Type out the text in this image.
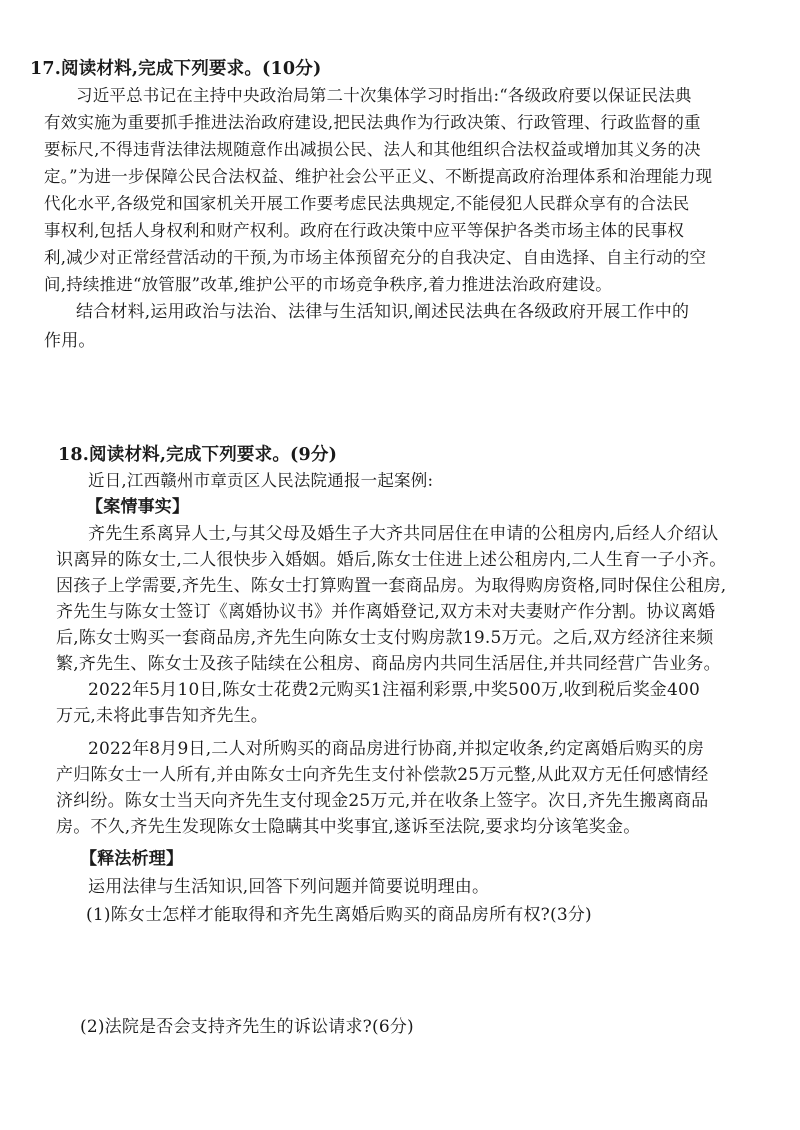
17.阅读材料,完成下列要求。(10分)
习近平总书记在主持中央政治局第二十次集体学习时指出:“各级政府要以保证民法典
有效实施为重要抓手推进法治政府建设,把民法典作为行政决策、行政管理、行政监督的重
要标尺,不得违背法律法规随意作出减损公民、法人和其他组织合法权益或增加其义务的决
定。”为进一步保障公民合法权益、维护社会公平正义、不断提高政府治理体系和治理能力现
代化水平,各级党和国家机关开展工作要考虑民法典规定,不能侵犯人民群众享有的合法民
事权利,包括人身权利和财产权利。政府在行政决策中应平等保护各类市场主体的民事权
利,减少对正常经营活动的干预,为市场主体预留充分的自我决定、自由选择、自主行动的空
间,持续推进“放管服”改革,维护公平的市场竞争秩序,着力推进法治政府建设。
结合材料,运用政治与法治、法律与生活知识,阐述民法典在各级政府开展工作中的
作用。
18.阅读材料,完成下列要求。(9分)
近日,江西赣州市章贡区人民法院通报一起案例:
【案情事实】
齐先生系离异人士,与其父母及婚生子大齐共同居住在申请的公租房内,后经人介绍认
识离异的陈女士,二人很快步入婚姻。婚后,陈女士住进上述公租房内,二人生育一子小齐。
因孩子上学需要,齐先生、陈女士打算购置一套商品房。为取得购房资格,同时保住公租房,
齐先生与陈女士签订《离婚协议书》并作离婚登记,双方未对夫妻财产作分割。协议离婚
后,陈女士购买一套商品房,齐先生向陈女士支付购房款19.5万元。之后,双方经济往来频
繁,齐先生、陈女士及孩子陆续在公租房、商品房内共同生活居住,并共同经营广告业务。
2022年5月10日,陈女士花费2元购买1注福利彩票,中奖500万,收到税后奖金400
万元,未将此事告知齐先生。
2022年8月9日,二人对所购买的商品房进行协商,并拟定收条,约定离婚后购买的房
产归陈女士一人所有,并由陈女士向齐先生支付补偿款25万元整,从此双方无任何感情经
济纠纷。陈女士当天向齐先生支付现金25万元,并在收条上签字。次日,齐先生搬离商品
房。不久,齐先生发现陈女士隐瞒其中奖事宜,遂诉至法院,要求均分该笔奖金。
【释法析理】
运用法律与生活知识,回答下列问题并简要说明理由。
(1)陈女士怎样才能取得和齐先生离婚后购买的商品房所有权?(3分)
(2)法院是否会支持齐先生的诉讼请求?(6分)
